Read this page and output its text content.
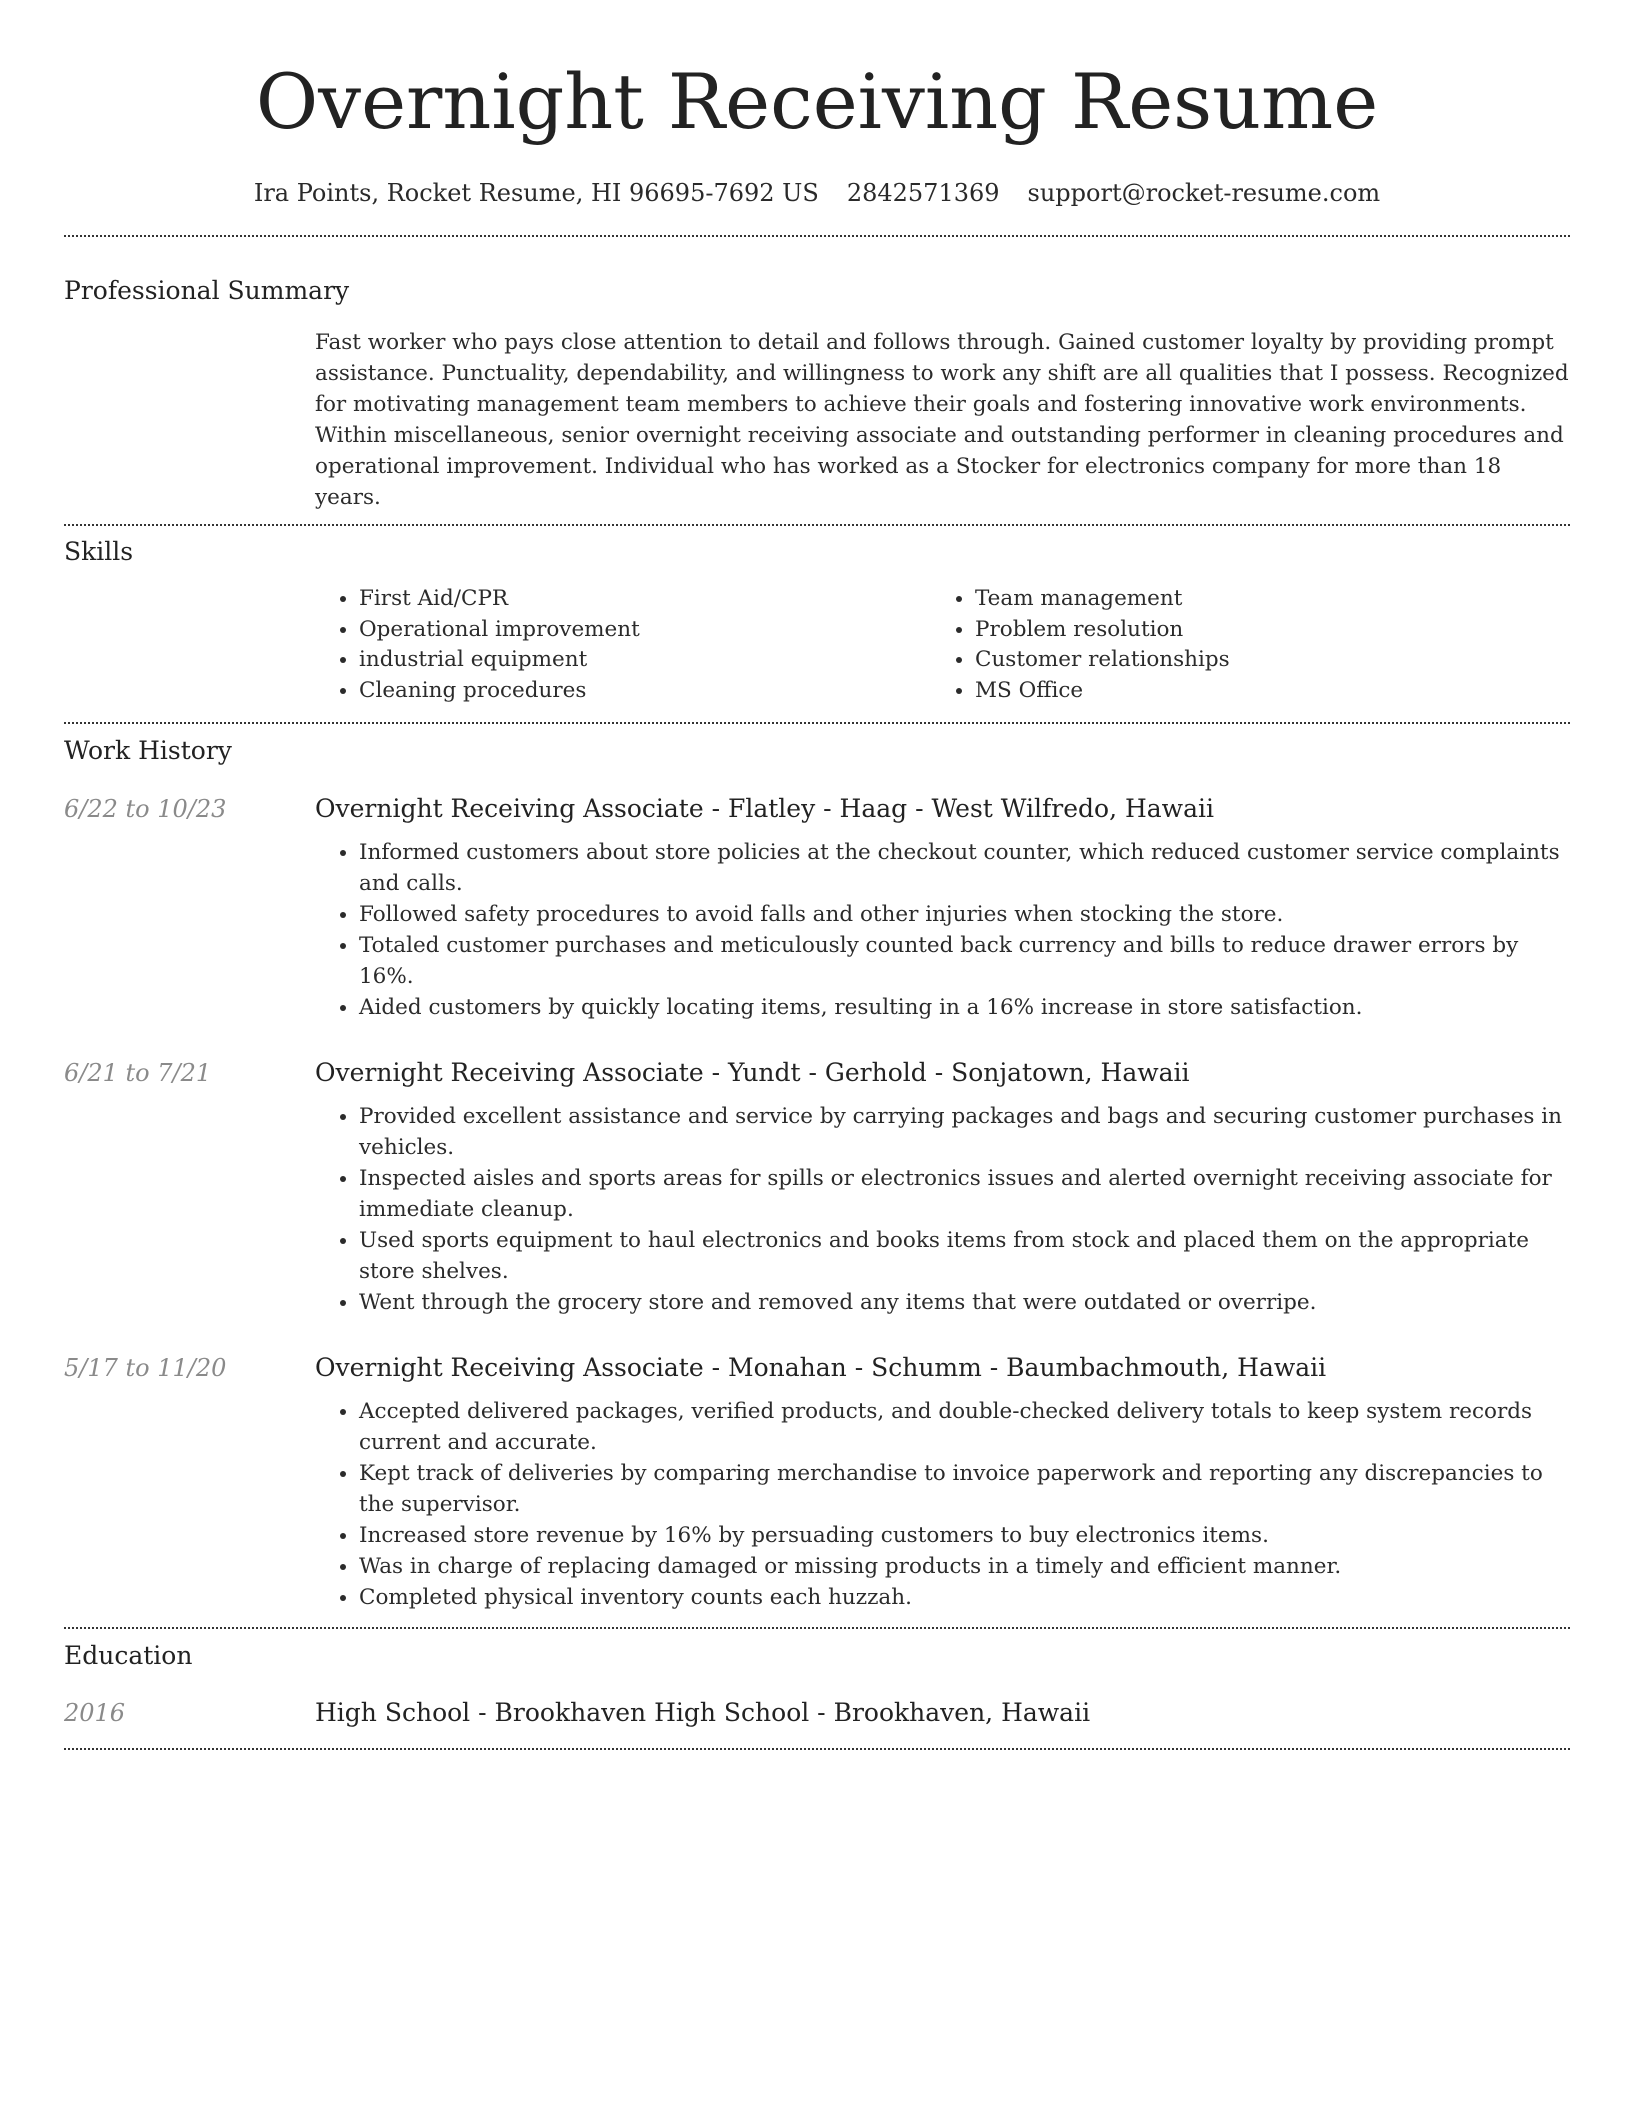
Overnight Receiving Resume
Ira Points, Rocket Resume, HI 96695-7692 US 2842571369 support@rocket-resume.com
Professional Summary

Fast worker who pays close attention to detail and follows through. Gained customer loyalty by providing prompt assistance. Punctuality, dependability, and willingness to work any shift are all qualities that I possess. Recognized for motivating management team members to achieve their goals and fostering innovative work environments. Within miscellaneous, senior overnight receiving associate and outstanding performer in cleaning procedures and operational improvement. Individual who has worked as a Stocker for electronics company for more than 18 years.

Skills
• First Aid/CPR
• Operational improvement
• industrial equipment
• Cleaning procedures
• Team management
• Problem resolution
• Customer relationships
• MS Office
Work History
6/22 to 10/23	Overnight Receiving Associate - Flatley - Haag - West Wilfredo, Hawaii
• Informed customers about store policies at the checkout counter, which reduced customer service complaints and calls.
• Followed safety procedures to avoid falls and other injuries when stocking the store.
• Totaled customer purchases and meticulously counted back currency and bills to reduce drawer errors by 16%.
• Aided customers by quickly locating items, resulting in a 16% increase in store satisfaction.
6/21 to 7/21	Overnight Receiving Associate - Yundt - Gerhold - Sonjatown, Hawaii
• Provided excellent assistance and service by carrying packages and bags and securing customer purchases in vehicles.
• Inspected aisles and sports areas for spills or electronics issues and alerted overnight receiving associate for immediate cleanup.
• Used sports equipment to haul electronics and books items from stock and placed them on the appropriate store shelves.
• Went through the grocery store and removed any items that were outdated or overripe.
5/17 to 11/20	Overnight Receiving Associate - Monahan - Schumm - Baumbachmouth, Hawaii
• Accepted delivered packages, verified products, and double-checked delivery totals to keep system records current and accurate.
• Kept track of deliveries by comparing merchandise to invoice paperwork and reporting any discrepancies to the supervisor.
• Increased store revenue by 16% by persuading customers to buy electronics items.
• Was in charge of replacing damaged or missing products in a timely and efficient manner.
• Completed physical inventory counts each huzzah.
Education
2016	High School - Brookhaven High School - Brookhaven, Hawaii
